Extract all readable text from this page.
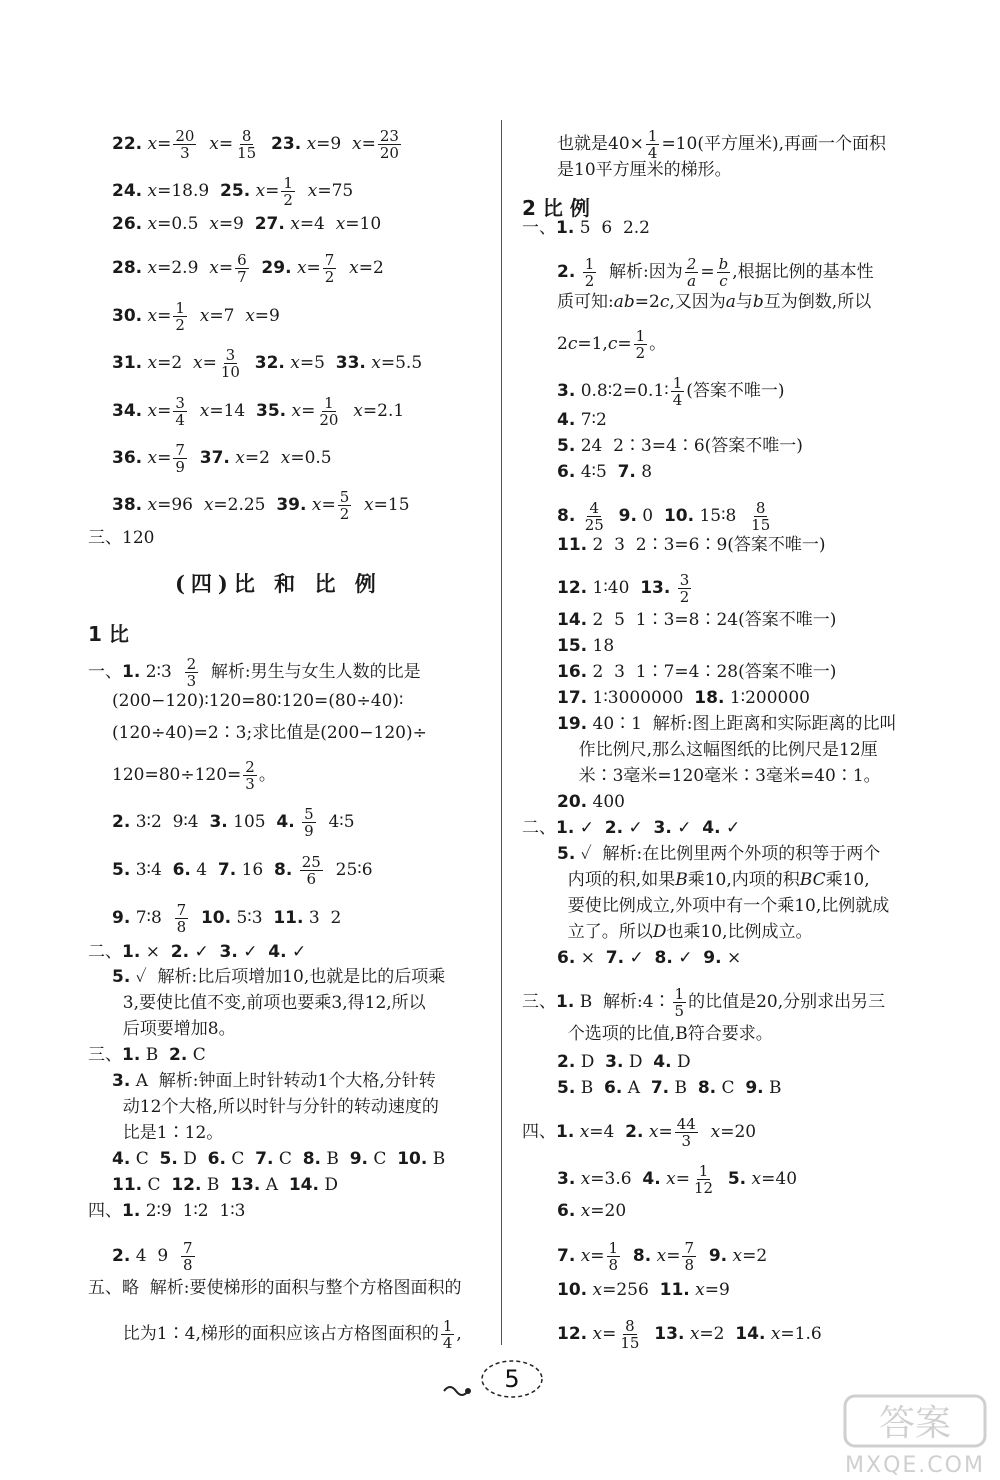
(四)比 和 比 例
1 比
22. $x= \frac{20}{3} x= \frac{8}{15} 23$. x=9  $x= \frac{23}{20}$
24. x=18.9  25. $x= \frac{1}{2} x=75$
26. x=0.5  x=9  27. x=4  x=10
28. x=2.9  $x= \frac{6}{7} 29$. $x= \frac{7}{2} x=2$
30. $x= \frac{1}{2} x=7$  x=9
31. x=2  $x= \frac{3}{10} 32$. x=5  33. x=5.5
34. $x= \frac{3}{4} x=14$  35. $x= \frac{1}{20} x=2.1$
36. $x= \frac{7}{9} 37$. x=2  x=0.5
38. x=96  x=2.25  39. $x= \frac{5}{2} x=15$
三、120
一、1. 2∶3 $\frac{2}{3}$ 解析:男生与女生人数的比是
(200−120)∶120=80∶120=(80÷40)∶
(120÷40)=2∶3;求比值是(200−120)÷
$120=80\div 120= \frac{2}{3}$ 。
2. 3∶2  9∶4  3. 105  4. $\frac{5}{9}$ 4∶5
5. 3∶4  6. 4  7. 16  8. $\frac{25}{6}$ 25∶6
9. 7∶8 $\frac{7}{8} 10$. 5∶3  11. 3  2
二、1. ×  2. ✓  3. ✓  4. ✓
5. ✓  解析:比后项增加10,也就是比的后项乘
3,要使比值不变,前项也要乘3,得12,所以
后项要增加8。
三、1. B  2. C
3. A  解析:钟面上时针转动1个大格,分针转
动12个大格,所以时针与分针的转动速度的
比是1∶12。
4. C  5. D  6. C  7. C  8. B  9. C  10. B
11. C  12. B  13. A  14. D
四、1. 2∶9  1∶2  1∶3
2. 4  $9 \frac{7}{8}$
五、略  解析:要使梯形的面积与整个方格图面积的
比为1∶4,梯形的面积应该占方格图面积的 $\frac{1}{4}$ ,
2 比 例
也就是$40\times \frac{1}{4} =10$(平方厘米),再画一个面积
是10平方厘米的梯形。
一、1. 5  6  2.2
2. $\frac{1}{2}$ 解析:因为 $\frac{2}{a} = \frac{b}{c}$ ,根据比例的基本性
质可知:ab=2c,又因为a与b互为倒数,所以
$2c=1,c= \frac{1}{2}$ 。
3. 0.8∶2=0.1∶ $\frac{1}{4}$ (答案不唯一)
4. 7∶2
5. 24  2∶3=4∶6(答案不唯一)
6. 4∶5  7. 8
8. $\frac{4}{25} 9$. 0  10. 15∶8 $\frac{8}{15}$
11. 2  3  2∶3=6∶9(答案不唯一)
12. 1∶40  13. $\frac{3}{2}$
14. 2  5  1∶3=8∶24(答案不唯一)
15. 18
16. 2  3  1∶7=4∶28(答案不唯一)
17. 1∶3000000  18. 1∶200000
19. 40∶1  解析:图上距离和实际距离的比叫
作比例尺,那么这幅图纸的比例尺是12厘
米∶3毫米=120毫米∶3毫米=40∶1。
20. 400
二、1. ✓  2. ✓  3. ✓  4. ✓
5. ✓  解析:在比例里两个外项的积等于两个
内项的积,如果B乘10,内项的积BC乘10,
要使比例成立,外项中有一个乘10,比例就成
立了。所以D也乘10,比例成立。
6. ×  7. ✓  8. ✓  9. ×
三、1. B  解析:4∶ $\frac{1}{5}$ 的比值是20,分别求出另三
个选项的比值,B符合要求。
2. D  3. D  4. D
5. B  6. A  7. B  8. C  9. B
四、1. x=4  2. $x= \frac{44}{3} x=20$
3. x=3.6  4. $x= \frac{1}{12} 5$. x=40
6. x=20
7. $x= \frac{1}{8} 8$. $x= \frac{7}{8} 9$. x=2
10. x=256  11. x=9
12. $x= \frac{8}{15} 13$. x=2  14. x=1.6
5
答案
MXQE.COM
